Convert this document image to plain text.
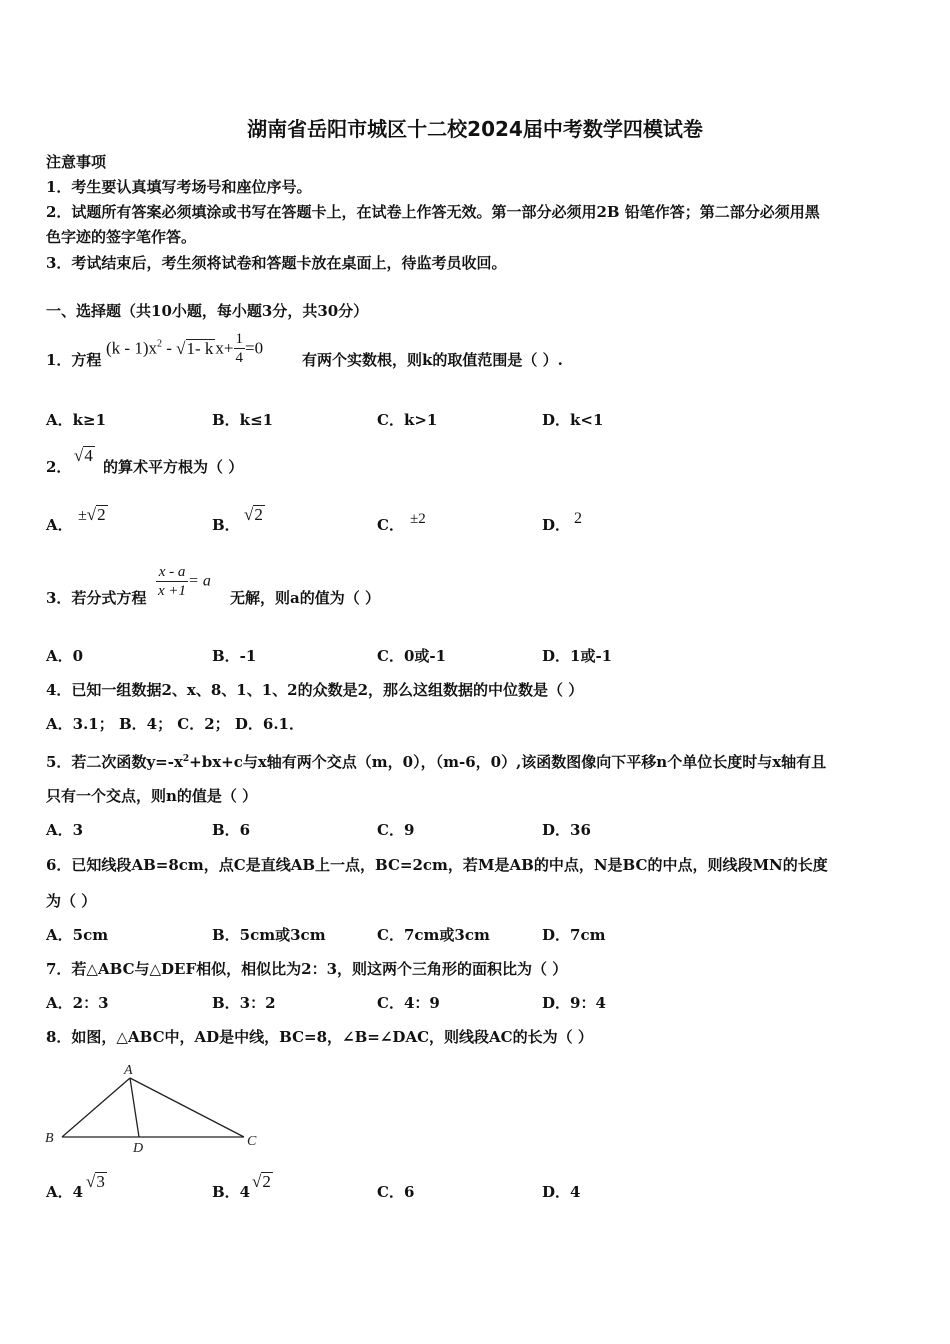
湖南省岳阳市城区十二校2024届中考数学四模试卷
注意事项
1．考生要认真填写考场号和座位序号。
2．试题所有答案必须填涂或书写在答题卡上，在试卷上作答无效。第一部分必须用2B 铅笔作答；第二部分必须用黑
色字迹的签字笔作答。
3．考试结束后，考生须将试卷和答题卡放在桌面上，待监考员收回。
一、选择题（共10小题，每小题3分，共30分）
1．方程
$(k - 1)x^2 - √1-$ k $x+ \frac{1}{4} =0$
有两个实数根，则k的取值范围是（ ）.
A．k≥1	B．k≤1	C．k>1	D．k<1
2．
√4
的算术平方根为（ ）
A．
±√2
B．
√2
C． ±2	D． 2
3．若分式方程 $\frac{x - a}{x +1} = a$
无解，则a的值为（ ）
A．0	B．-1	C．0或-1	D．1或-1
4．已知一组数据2、x、8、1、1、2的众数是2，那么这组数据的中位数是（ ）
A．3.1； B．4； C．2； D．6.1．
5．若二次函数$y=-x^2+bx+c$与x轴有两个交点（m，0），（m-6，0）,该函数图像向下平移n个单位长度时与x轴有且
只有一个交点，则n的值是（ ）
A．3	B．6	C．9	D．36
6．已知线段AB=8cm，点C是直线AB上一点，BC=2cm，若M是AB的中点，N是BC的中点，则线段MN的长度
为（ ）
A．5cm	B．5cm或3cm	C．7cm或3cm	D．7cm
7．若△ABC与△DEF相似，相似比为2：3，则这两个三角形的面积比为（ ）
A．2：3	B．3：2	C．4：9	D．9：4
8．如图，△ABC中，AD是中线，BC=8，∠B=∠DAC，则线段AC的长为（ ）
A
B	C
D
A．4
√3
B．4
√2
C．6	D．4
